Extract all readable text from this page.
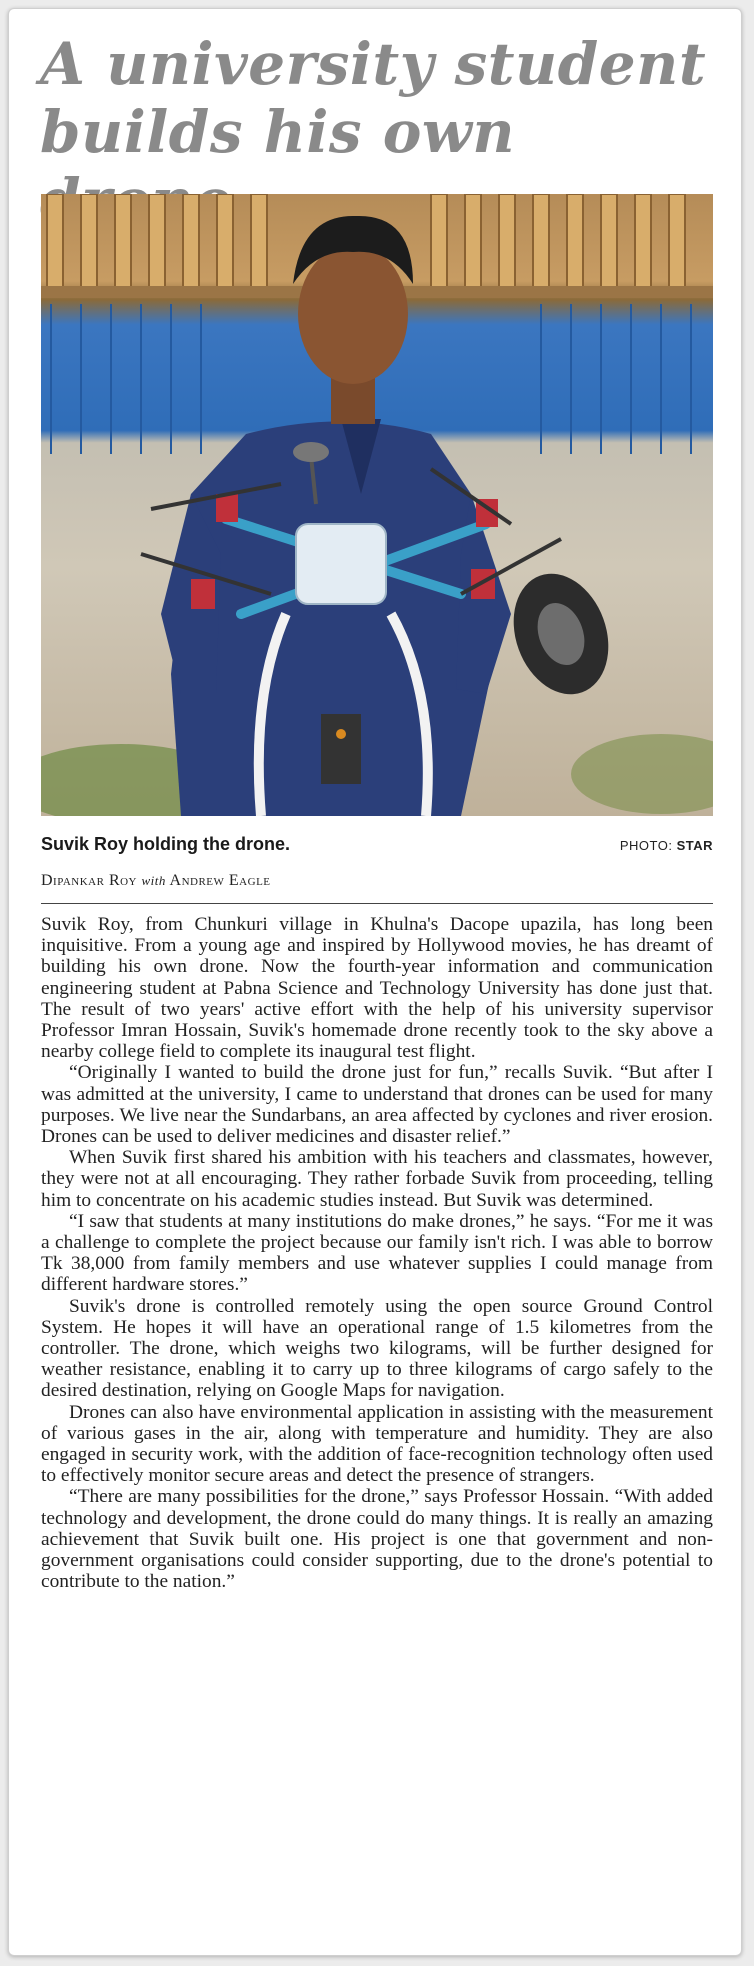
A university student builds his own
Suvik Roy holding the drone.	PHOTO: STAR
Dipankar Roy with Andrew Eagle

Suvik Roy, from Chunkuri village in Khulna's Dacope upazila, has long been inquisitive. From a young age and inspired by Hollywood movies, he has dreamt of building his own drone. Now the fourth-year information and communication engineering student at Pabna Science and Technology University has done just that. The result of two years' active effort with the help of his university supervisor Professor Imran Hossain, Suvik's homemade drone recently took to the sky above a nearby college field to complete its inaugural test flight.

“Originally I wanted to build the drone just for fun,” recalls Suvik. “But after I was admitted at the university, I came to understand that drones can be used for many purposes. We live near the Sundarbans, an area affected by cyclones and river erosion. Drones can be used to deliver medicines and disaster relief.”

When Suvik first shared his ambition with his teachers and classmates, however, they were not at all encouraging. They rather forbade Suvik from proceeding, telling him to concentrate on his academic studies instead. But Suvik was determined.

“I saw that students at many institutions do make drones,” he says. “For me it was a challenge to complete the project because our family isn't rich. I was able to borrow Tk 38,000 from family members and use whatever supplies I could manage from different hardware stores.”

Suvik's drone is controlled remotely using the open source Ground Control System. He hopes it will have an operational range of 1.5 kilometres from the controller. The drone, which weighs two kilograms, will be further designed for weather resistance, enabling it to carry up to three kilograms of cargo safely to the desired destination, relying on Google Maps for navigation.

Drones can also have environmental application in assisting with the measurement of various gases in the air, along with temperature and humidity. They are also engaged in security work, with the addition of face-recognition technology often used to effectively monitor secure areas and detect the presence of strangers.

“There are many possibilities for the drone,” says Professor Hossain. “With added technology and development, the drone could do many things. It is really an amazing achievement that Suvik built one. His project is one that government and non-government organisations could consider supporting, due to the drone's potential to contribute to the nation.”
